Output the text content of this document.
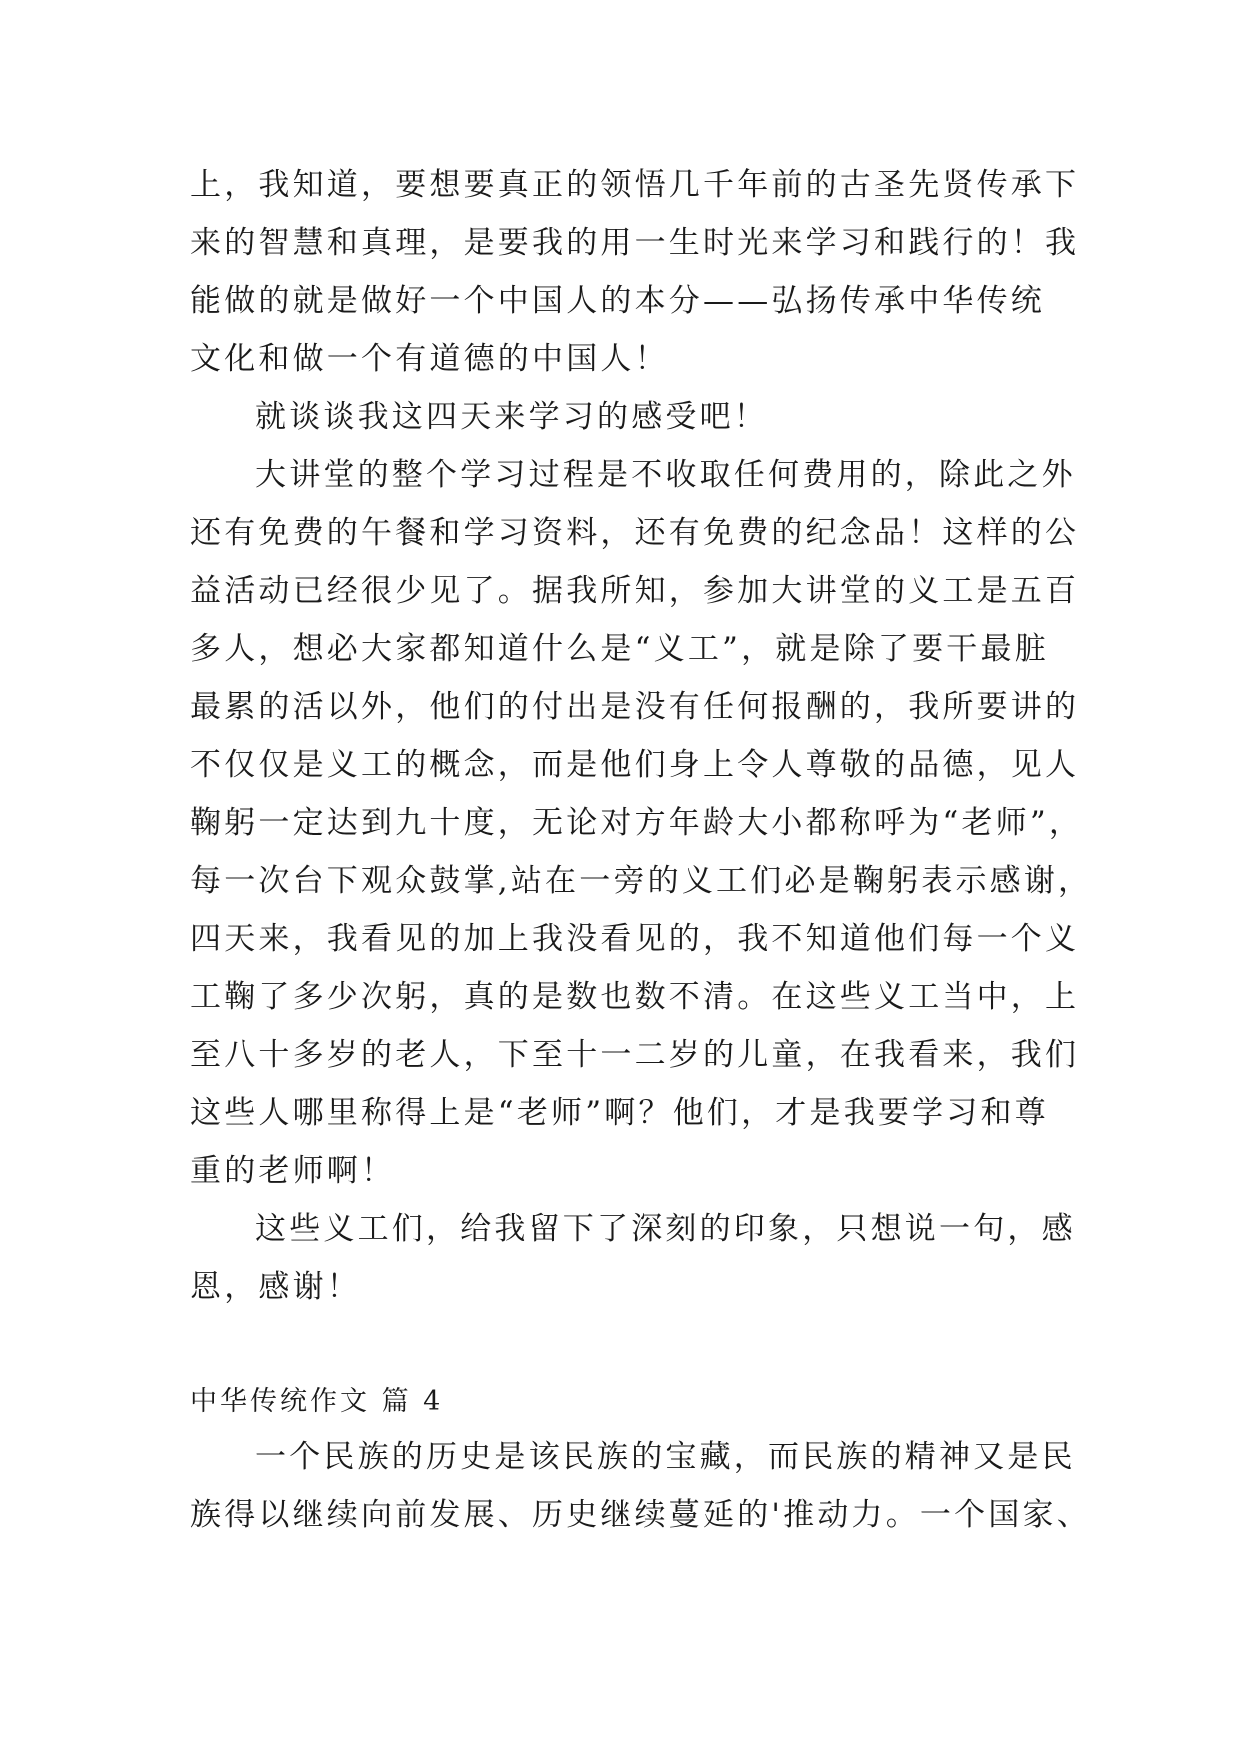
上，我知道，要想要真正的领悟几千年前的古圣先贤传承下
来的智慧和真理，是要我的用一生时光来学习和践行的！我
能做的就是做好一个中国人的本分——弘扬传承中华传统
文化和做一个有道德的中国人！
就谈谈我这四天来学习的感受吧！
大讲堂的整个学习过程是不收取任何费用的，除此之外
还有免费的午餐和学习资料，还有免费的纪念品！这样的公
益活动已经很少见了。据我所知，参加大讲堂的义工是五百
多人，想必大家都知道什么是“义工”，就是除了要干最脏
最累的活以外，他们的付出是没有任何报酬的，我所要讲的
不仅仅是义工的概念，而是他们身上令人尊敬的品德，见人
鞠躬一定达到九十度，无论对方年龄大小都称呼为“老师”，
每一次台下观众鼓掌,站在一旁的义工们必是鞠躬表示感谢，
四天来，我看见的加上我没看见的，我不知道他们每一个义
工鞠了多少次躬，真的是数也数不清。在这些义工当中，上
至八十多岁的老人，下至十一二岁的儿童，在我看来，我们
这些人哪里称得上是“老师”啊？他们，才是我要学习和尊
重的老师啊！
这些义工们，给我留下了深刻的印象，只想说一句，感
恩，感谢！
中华传统作文 篇 4
一个民族的历史是该民族的宝藏，而民族的精神又是民
族得以继续向前发展、历史继续蔓延的'推动力。一个国家、
